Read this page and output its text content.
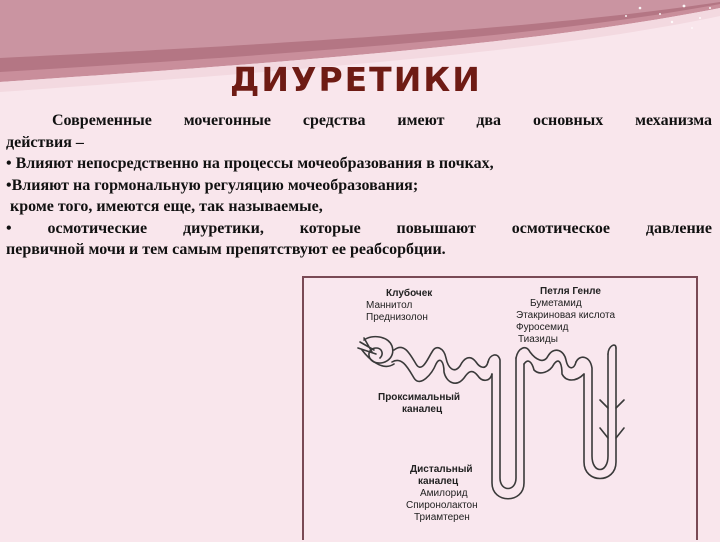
ДИУРЕТИКИ

Современные мочегонные средства имеют два основных механизма

действия –

• Влияют непосредственно на процессы мочеобразования в почках,

•Влияют на гормональную регуляцию мочеобразования;

кроме того, имеются еще, так называемые,

• осмотические диуретики, которые повышают осмотическое давление

первичной мочи и тем самым препятствуют ее реабсорбции.

Клубочек
Маннитол
Преднизолон
Петля Генле
Буметамид
Этакриновая кислота
Фуросемид
Тиазиды
Проксимальный
каналец
Дистальный
каналец
Амилорид
Спиронолактон
Триамтерен
